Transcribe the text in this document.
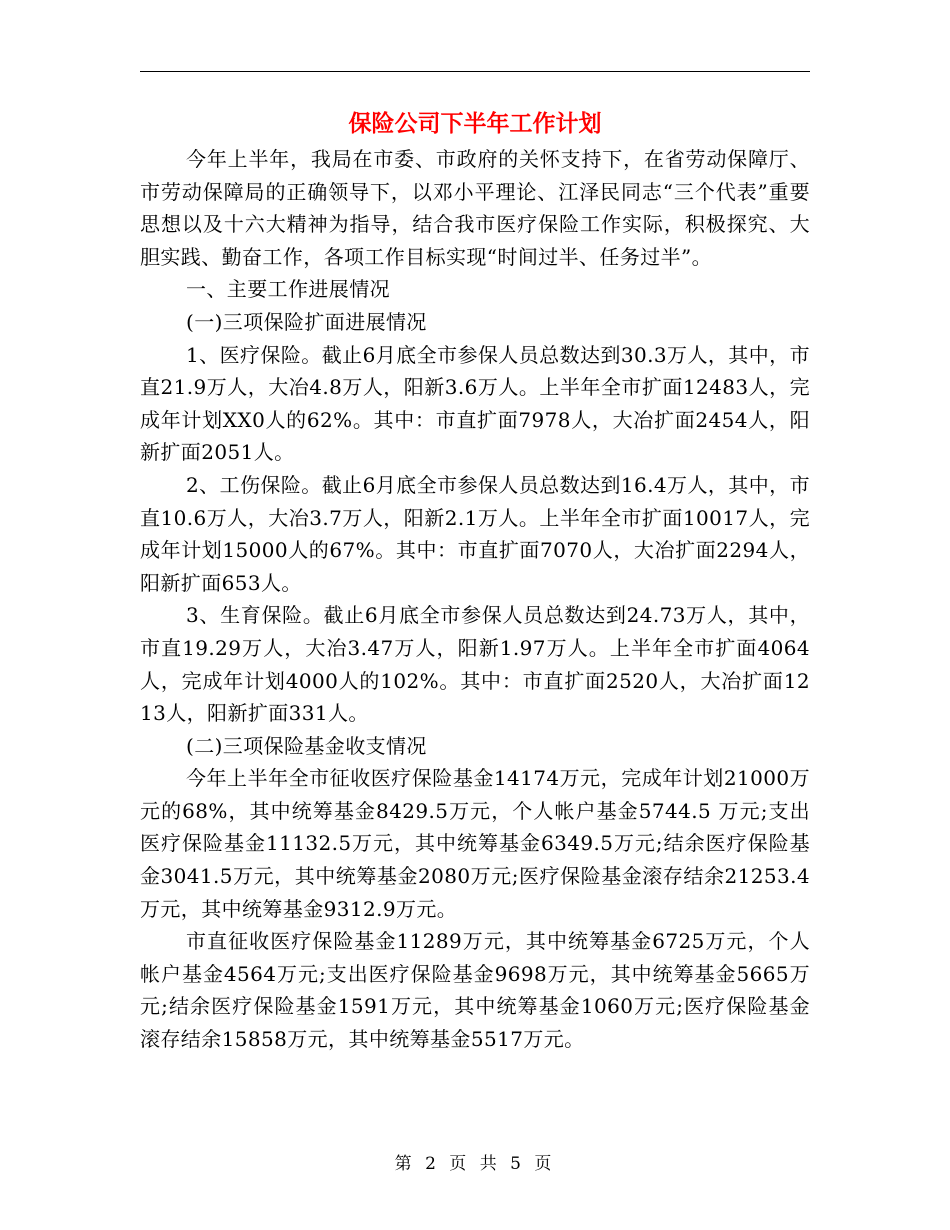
保险公司下半年工作计划

今年上半年，我局在市委、市政府的关怀支持下，在省劳动保障厅、市劳动保障局的正确领导下，以邓小平理论、江泽民同志“三个代表”重要思想以及十六大精神为指导，结合我市医疗保险工作实际，积极探究、大胆实践、勤奋工作，各项工作目标实现“时间过半、任务过半”。

一、主要工作进展情况

(一)三项保险扩面进展情况

1、医疗保险。截止6月底全市参保人员总数达到30.3万人，其中，市直21.9万人，大冶4.8万人，阳新3.6万人。上半年全市扩面12483人，完成年计划XX0人的62%。其中：市直扩面7978人，大冶扩面2454人，阳新扩面2051人。

2、工伤保险。截止6月底全市参保人员总数达到16.4万人，其中，市直10.6万人，大冶3.7万人，阳新2.1万人。上半年全市扩面10017人，完成年计划15000人的67%。其中：市直扩面7070人，大冶扩面2294人，阳新扩面653人。

3、生育保险。截止6月底全市参保人员总数达到24.73万人，其中，市直19.29万人，大冶3.47万人，阳新1.97万人。上半年全市扩面4064人，完成年计划4000人的102%。其中：市直扩面2520人，大冶扩面1213人，阳新扩面331人。

(二)三项保险基金收支情况

今年上半年全市征收医疗保险基金14174万元，完成年计划21000万元的68%，其中统筹基金8429.5万元，个人帐户基金5744.5 万元;支出医疗保险基金11132.5万元，其中统筹基金6349.5万元;结余医疗保险基金3041.5万元，其中统筹基金2080万元;医疗保险基金滚存结余21253.4万元，其中统筹基金9312.9万元。

市直征收医疗保险基金11289万元，其中统筹基金6725万元，个人帐户基金4564万元;支出医疗保险基金9698万元，其中统筹基金5665万元;结余医疗保险基金1591万元，其中统筹基金1060万元;医疗保险基金滚存结余15858万元，其中统筹基金5517万元。

第 2 页 共 5 页
